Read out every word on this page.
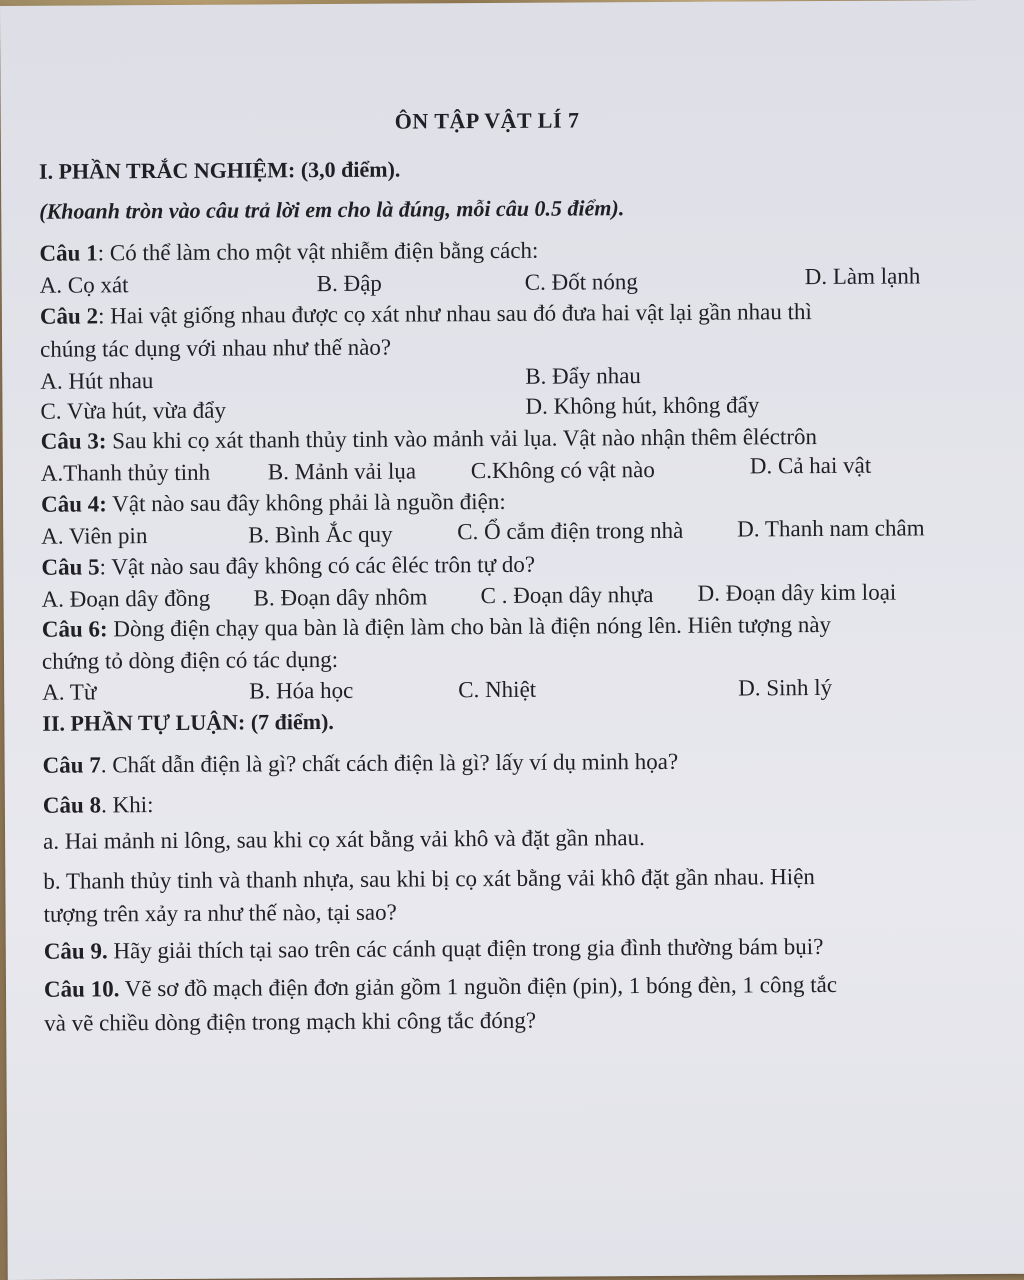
ÔN TẬP VẬT LÍ 7
I. PHẦN TRẮC NGHIỆM: (3,0 điểm).
(Khoanh tròn vào câu trả lời em cho là đúng, mỗi câu 0.5 điểm).
Câu 1: Có thể làm cho một vật nhiễm điện bằng cách:
A. Cọ xát	B. Đập	C. Đốt nóng	D. Làm lạnh
Câu 2: Hai vật giống nhau được cọ xát như nhau sau đó đưa hai vật lại gần nhau thì
chúng tác dụng với nhau như thế nào?
A. Hút nhau	B. Đẩy nhau
C. Vừa hút, vừa đẩy	D. Không hút, không đẩy
Câu 3: Sau khi cọ xát thanh thủy tinh vào mảnh vải lụa. Vật nào nhận thêm êléctrôn
A.Thanh thủy tinh	B. Mảnh vải lụa C.Không có vật nào	D. Cả hai vật
Câu 4: Vật nào sau đây không phải là nguồn điện:
A. Viên pin	B. Bình Ắc quy	C. Ổ cắm điện trong nhà D. Thanh nam châm
Câu 5: Vật nào sau đây không có các êléc trôn tự do?
A. Đoạn dây đồng B. Đoạn dây nhôm C . Đoạn dây nhựa D. Đoạn dây kim loại
Câu 6: Dòng điện chạy qua bàn là điện làm cho bàn là điện nóng lên. Hiên tượng này
chứng tỏ dòng điện có tác dụng:
A. Từ	B. Hóa học	C. Nhiệt	D. Sinh lý
II. PHẦN TỰ LUẬN: (7 điểm).
Câu 7. Chất dẫn điện là gì? chất cách điện là gì? lấy ví dụ minh họa?
Câu 8. Khi:
a. Hai mảnh ni lông, sau khi cọ xát bằng vải khô và đặt gần nhau.
b. Thanh thủy tinh và thanh nhựa, sau khi bị cọ xát bằng vải khô đặt gần nhau. Hiện
tượng trên xảy ra như thế nào, tại sao?
Câu 9. Hãy giải thích tại sao trên các cánh quạt điện trong gia đình thường bám bụi?
Câu 10. Vẽ sơ đồ mạch điện đơn giản gồm 1 nguồn điện (pin), 1 bóng đèn, 1 công tắc
và vẽ chiều dòng điện trong mạch khi công tắc đóng?
